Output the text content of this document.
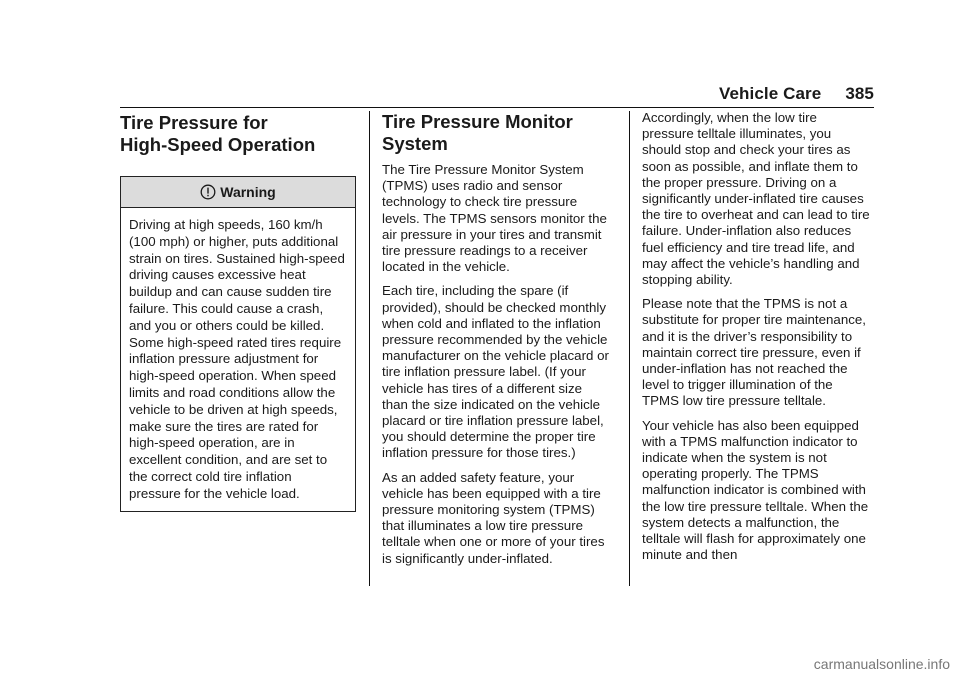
Vehicle Care 385
Tire Pressure for
High-Speed Operation
Warning

Driving at high speeds, 160 km/h (100 mph) or higher, puts additional strain on tires. Sustained high-speed driving causes excessive heat buildup and can cause sudden tire failure. This could cause a crash, and you or others could be killed. Some high-speed rated tires require inflation pressure adjustment for high-speed operation. When speed limits and road conditions allow the vehicle to be driven at high speeds, make sure the tires are rated for high-speed operation, are in excellent condition, and are set to the correct cold tire inflation pressure for the vehicle load.

Tire Pressure Monitor System

The Tire Pressure Monitor System (TPMS) uses radio and sensor technology to check tire pressure levels. The TPMS sensors monitor the air pressure in your tires and transmit tire pressure readings to a receiver located in the vehicle.

Each tire, including the spare (if provided), should be checked monthly when cold and inflated to the inflation pressure recommended by the vehicle manufacturer on the vehicle placard or tire inflation pressure label. (If your vehicle has tires of a different size than the size indicated on the vehicle placard or tire inflation pressure label, you should determine the proper tire inflation pressure for those tires.)

As an added safety feature, your vehicle has been equipped with a tire pressure monitoring system (TPMS) that illuminates a low tire pressure telltale when one or more of your tires is significantly under-inflated.

Accordingly, when the low tire pressure telltale illuminates, you should stop and check your tires as soon as possible, and inflate them to the proper pressure. Driving on a significantly under-inflated tire causes the tire to overheat and can lead to tire failure. Under-inflation also reduces fuel efficiency and tire tread life, and may affect the vehicle’s handling and stopping ability.

Please note that the TPMS is not a substitute for proper tire maintenance, and it is the driver’s responsibility to maintain correct tire pressure, even if under-inflation has not reached the level to trigger illumination of the TPMS low tire pressure telltale.

Your vehicle has also been equipped with a TPMS malfunction indicator to indicate when the system is not operating properly. The TPMS malfunction indicator is combined with the low tire pressure telltale. When the system detects a malfunction, the telltale will flash for approximately one minute and then

carmanualsonline.info
